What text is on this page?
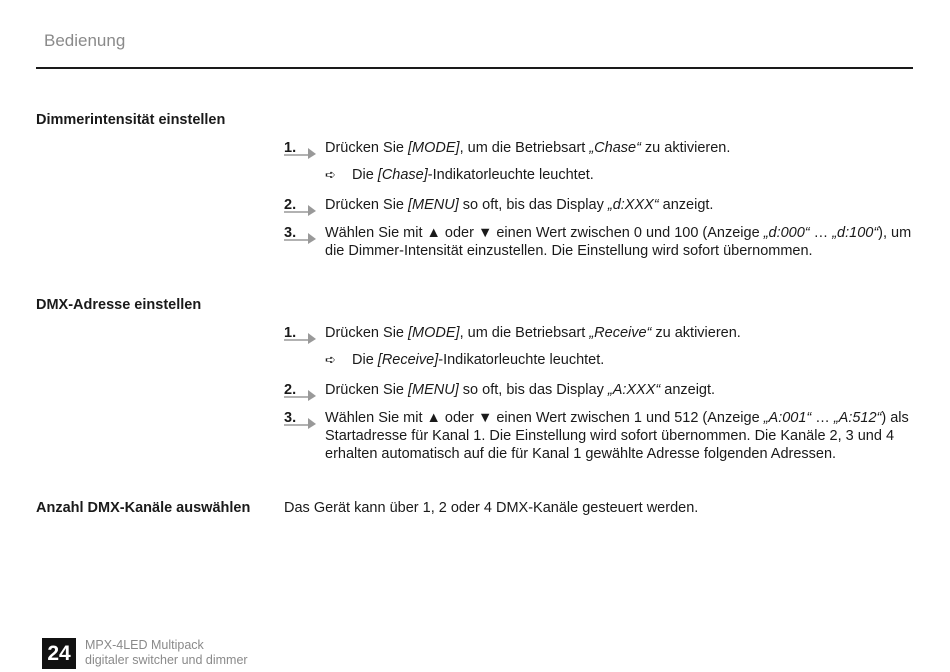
Bedienung
Dimmerintensität einstellen
1. Drücken Sie [MODE], um die Betriebsart „Chase“ zu aktivieren.
➪ Die [Chase]-Indikatorleuchte leuchtet.
2. Drücken Sie [MENU] so oft, bis das Display „d:XXX“ anzeigt.
3. Wählen Sie mit ▲ oder ▼ einen Wert zwischen 0 und 100 (Anzeige „d:000“ … „d:100“), um die Dimmer-Intensität einzustellen. Die Einstellung wird sofort übernommen.
DMX-Adresse einstellen
1. Drücken Sie [MODE], um die Betriebsart „Receive“ zu aktivieren.
➪ Die [Receive]-Indikatorleuchte leuchtet.
2. Drücken Sie [MENU] so oft, bis das Display „A:XXX“ anzeigt.
3. Wählen Sie mit ▲ oder ▼ einen Wert zwischen 1 und 512 (Anzeige „A:001“ … „A:512“) als Startadresse für Kanal 1. Die Einstellung wird sofort übernommen. Die Kanäle 2, 3 und 4 erhalten automatisch auf die für Kanal 1 gewählte Adresse folgenden Adressen.
Anzahl DMX-Kanäle auswählen Das Gerät kann über 1, 2 oder 4 DMX-Kanäle gesteuert werden.
24	MPX-4LED Multipack
digitaler switcher und dimmer
